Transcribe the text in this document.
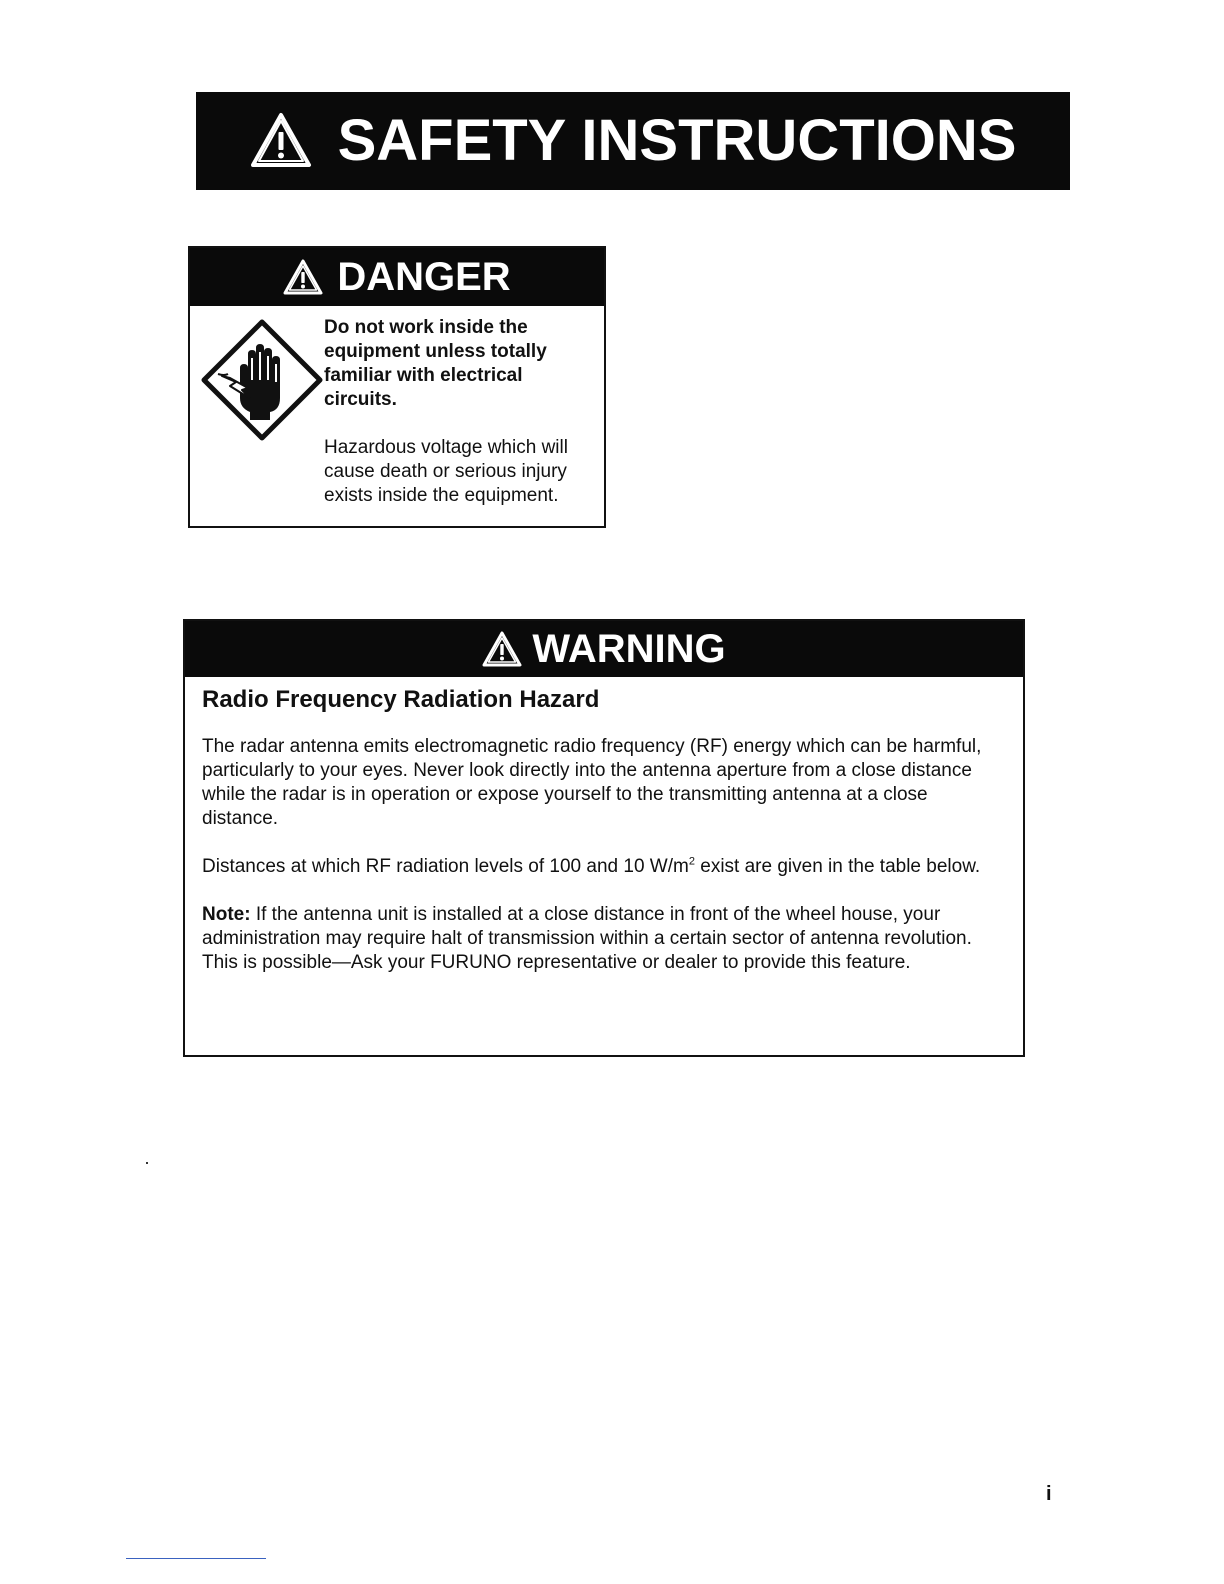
SAFETY INSTRUCTIONS
DANGER

Do not work inside the
equipment unless totally
familiar with electrical
circuits.

Hazardous voltage which will
cause death or serious injury
exists inside the equipment.

WARNING

Radio Frequency Radiation Hazard

The radar antenna emits electromagnetic radio frequency (RF) energy which can be harmful, particularly to your eyes. Never look directly into the antenna aperture from a close distance while the radar is in operation or expose yourself to the transmitting antenna at a close distance.

Distances at which RF radiation levels of 100 and 10 $W/m^2$ exist are given in the table below.

Note: If the antenna unit is installed at a close distance in front of the wheel house, your administration may require halt of transmission within a certain sector of antenna revolution. This is possible—Ask your FURUNO representative or dealer to provide this feature.

i
